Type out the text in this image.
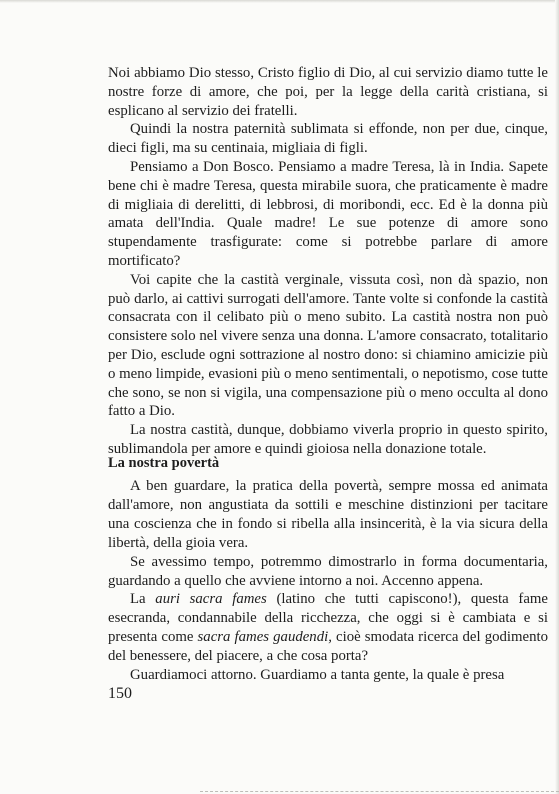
Noi abbiamo Dio stesso, Cristo figlio di Dio, al cui servizio diamo tutte le nostre forze di amore, che poi, per la legge della carità cristiana, si esplicano al servizio dei fratelli.

Quindi la nostra paternità sublimata si effonde, non per due, cinque, dieci figli, ma su centinaia, migliaia di figli.

Pensiamo a Don Bosco. Pensiamo a madre Teresa, là in India. Sapete bene chi è madre Teresa, questa mirabile suora, che praticamente è madre di migliaia di derelitti, di lebbrosi, di moribondi, ecc. Ed è la donna più amata dell'India. Quale madre! Le sue potenze di amore sono stupendamente trasfigurate: come si potrebbe parlare di amore mortificato?

Voi capite che la castità verginale, vissuta così, non dà spazio, non può darlo, ai cattivi surrogati dell'amore. Tante volte si confonde la castità consacrata con il celibato più o meno subito. La castità nostra non può consistere solo nel vivere senza una donna. L'amore consacrato, totalitario per Dio, esclude ogni sottrazione al nostro dono: si chiamino amicizie più o meno limpide, evasioni più o meno sentimentali, o nepotismo, cose tutte che sono, se non si vigila, una compensazione più o meno occulta al dono fatto a Dio.

La nostra castità, dunque, dobbiamo viverla proprio in questo spirito, sublimandola per amore e quindi gioiosa nella donazione totale.

La nostra povertà

A ben guardare, la pratica della povertà, sempre mossa ed animata dall'amore, non angustiata da sottili e meschine distinzioni per tacitare una coscienza che in fondo si ribella alla insincerità, è la via sicura della libertà, della gioia vera.

Se avessimo tempo, potremmo dimostrarlo in forma documentaria, guardando a quello che avviene intorno a noi. Accenno appena.

La auri sacra fames (latino che tutti capiscono!), questa fame esecranda, condannabile della ricchezza, che oggi si è cambiata e si presenta come sacra fames gaudendi, cioè smodata ricerca del godimento del benessere, del piacere, a che cosa porta?

Guardiamoci attorno. Guardiamo a tanta gente, la quale è presa

150
